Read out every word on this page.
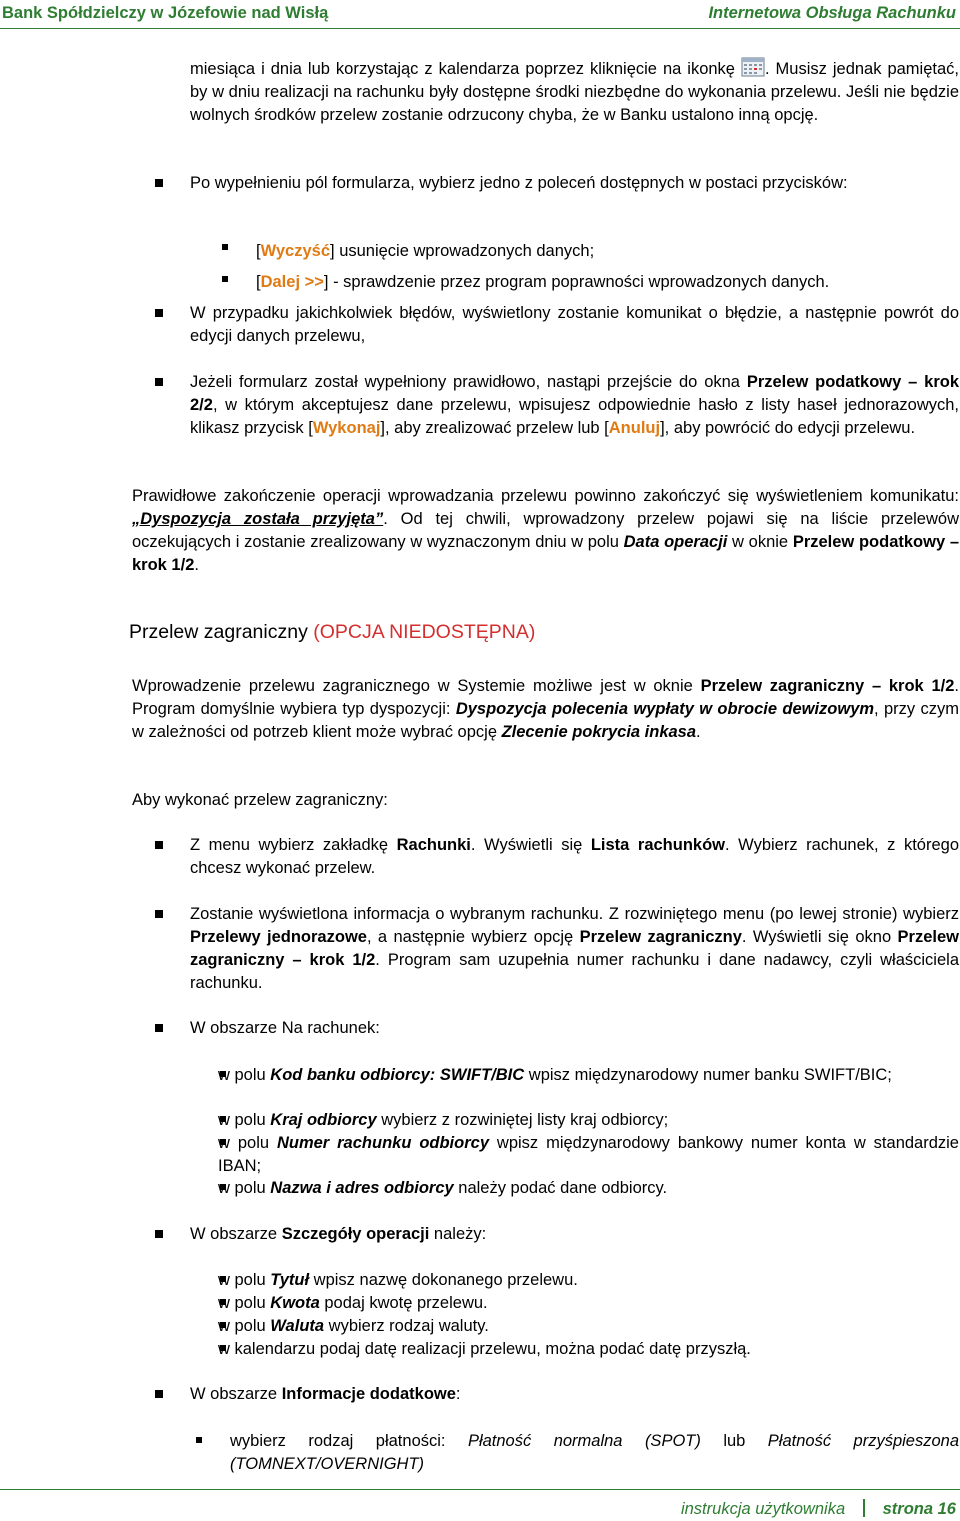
Bank Spółdzielczy w Józefowie nad Wisłą	Internetowa Obsługa Rachunku
miesiąca i dnia lub korzystając z kalendarza poprzez kliknięcie na ikonkę . Musisz jednak pamiętać, by w dniu realizacji na rachunku były dostępne środki niezbędne do wykonania przelewu. Jeśli nie będzie wolnych środków przelew zostanie odrzucony chyba, że w Banku ustalono inną opcję.
Po wypełnieniu pól formularza, wybierz jedno z poleceń dostępnych w postaci przycisków:
[Wyczyść] usunięcie wprowadzonych danych;
[Dalej >>] - sprawdzenie przez program poprawności wprowadzonych danych.
W przypadku jakichkolwiek błędów, wyświetlony zostanie komunikat o błędzie, a następnie powrót do edycji danych przelewu,
Jeżeli formularz został wypełniony prawidłowo, nastąpi przejście do okna Przelew podatkowy – krok 2/2, w którym akceptujesz dane przelewu, wpisujesz odpowiednie hasło z listy haseł jednorazowych, klikasz przycisk [Wykonaj], aby zrealizować przelew lub [Anuluj], aby powrócić do edycji przelewu.
Prawidłowe zakończenie operacji wprowadzania przelewu powinno zakończyć się wyświetleniem komunikatu: „Dyspozycja została przyjęta”. Od tej chwili, wprowadzony przelew pojawi się na liście przelewów oczekujących i zostanie zrealizowany w wyznaczonym dniu w polu Data operacji w oknie Przelew podatkowy – krok 1/2.
Przelew zagraniczny (OPCJA NIEDOSTĘPNA)
Wprowadzenie przelewu zagranicznego w Systemie możliwe jest w oknie Przelew zagraniczny – krok 1/2. Program domyślnie wybiera typ dyspozycji: Dyspozycja polecenia wypłaty w obrocie dewizowym, przy czym w zależności od potrzeb klient może wybrać opcję Zlecenie pokrycia inkasa.
Aby wykonać przelew zagraniczny:
Z menu wybierz zakładkę Rachunki. Wyświetli się Lista rachunków. Wybierz rachunek, z którego chcesz wykonać przelew.
Zostanie wyświetlona informacja o wybranym rachunku. Z rozwiniętego menu (po lewej stronie) wybierz Przelewy jednorazowe, a następnie wybierz opcję Przelew zagraniczny. Wyświetli się okno Przelew zagraniczny – krok 1/2. Program sam uzupełnia numer rachunku i dane nadawcy, czyli właściciela rachunku.
W obszarze Na rachunek:
w polu Kod banku odbiorcy: SWIFT/BIC wpisz międzynarodowy numer banku SWIFT/BIC;
w polu Kraj odbiorcy wybierz z rozwiniętej listy kraj odbiorcy;
w polu Numer rachunku odbiorcy wpisz międzynarodowy bankowy numer konta w standardzie IBAN;
w polu Nazwa i adres odbiorcy należy podać dane odbiorcy.
W obszarze Szczegóły operacji należy:
w polu Tytuł wpisz nazwę dokonanego przelewu.
w polu Kwota podaj kwotę przelewu.
w polu Waluta wybierz rodzaj waluty.
w kalendarzu podaj datę realizacji przelewu, można podać datę przyszłą.
W obszarze Informacje dodatkowe:
wybierz rodzaj płatności: Płatność normalna (SPOT) lub Płatność przyśpieszona (TOMNEXT/OVERNIGHT)
instrukcja użytkownika strona 16
